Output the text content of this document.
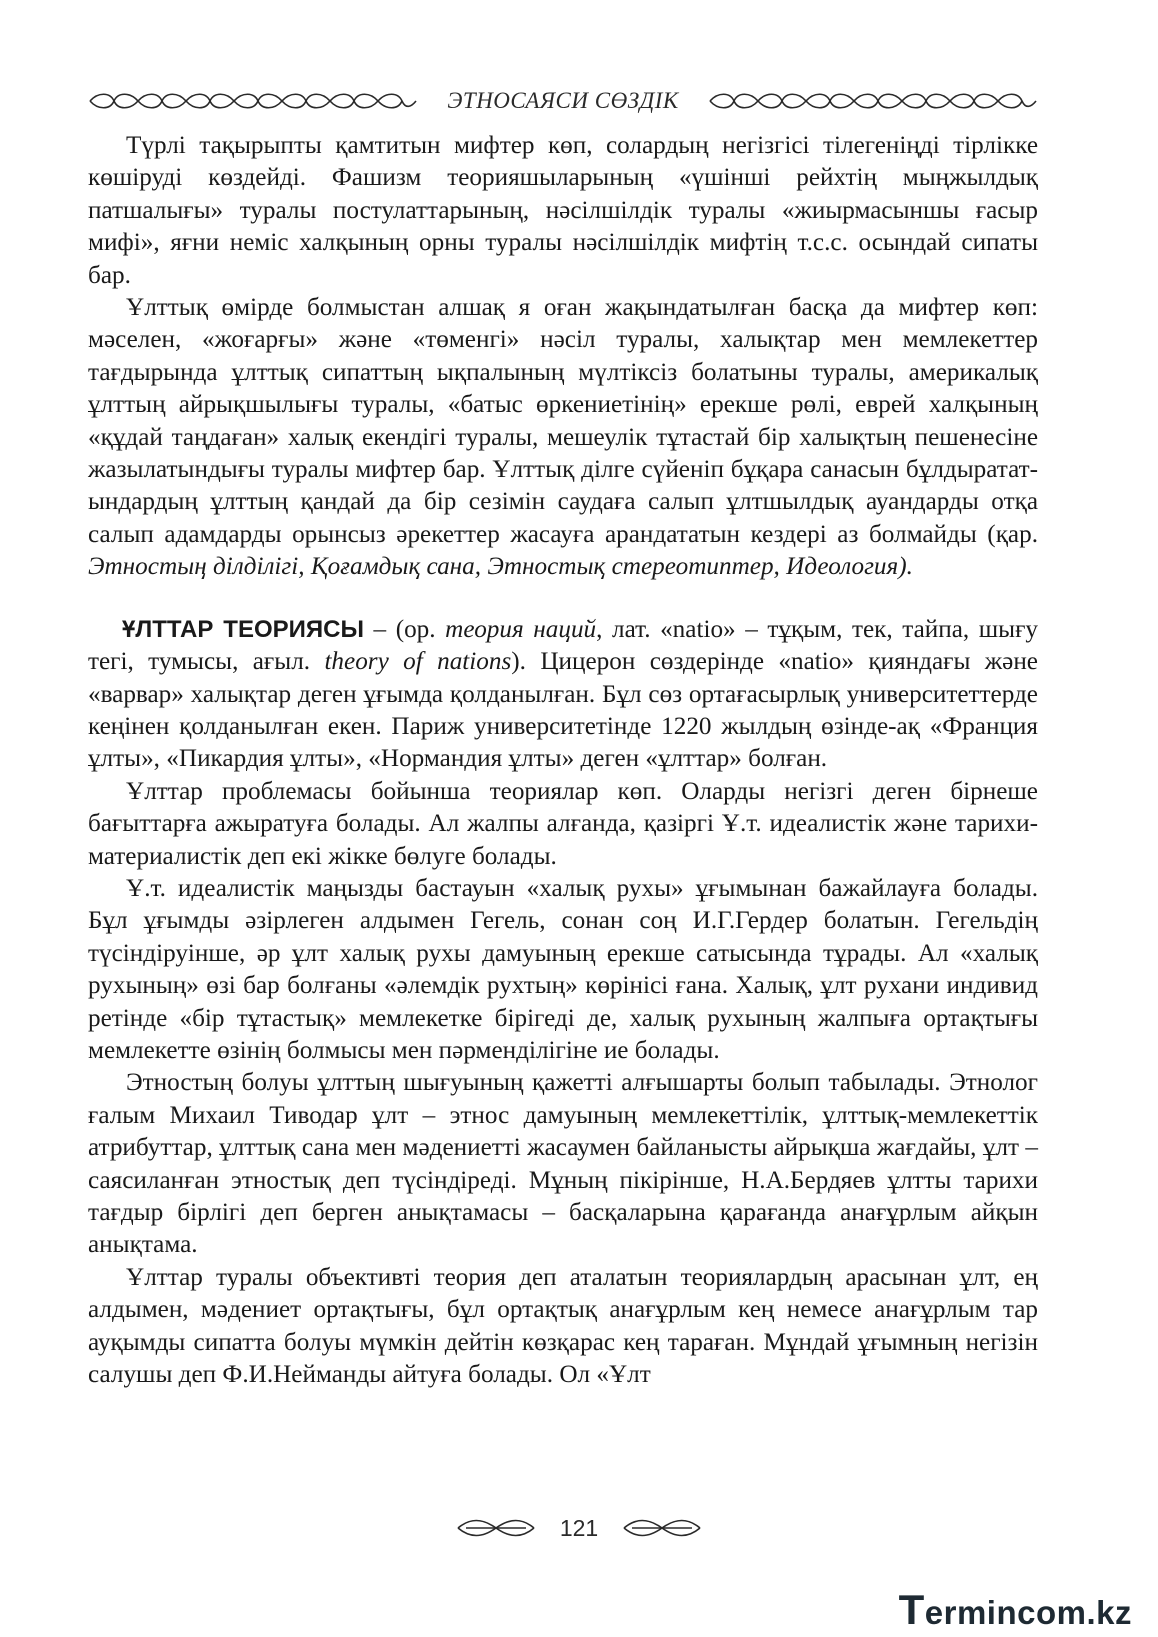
ЭТНОСАЯСИ СӨЗДІК

Түрлі тақырыпты қамтитын мифтер көп, солардың негізгісі тілегеніңді тірлікке көшіруді көздейді. Фашизм теорияшыларының «үшінші рейхтің мыңжылдық патшалығы» туралы постулаттарының, нәсілшілдік туралы «жиырмасыншы ғасыр мифі», яғни неміс халқының орны туралы нәсілшілдік мифтің т.с.с. осындай сипаты бар.

Ұлттық өмірде болмыстан алшақ я оған жақындатылған басқа да мифтер көп: мәселен, «жоғарғы» және «төменгі» нәсіл туралы, халықтар мен мемлекеттер тағдырында ұлттық сипаттың ықпалының мүлтіксіз болатыны туралы, америкалық ұлттың айрықшылығы туралы, «батыс өркениетінің» ерекше рөлі, еврей халқының «құдай таңдаған» халық екендігі туралы, мешеулік тұтастай бір халықтың пешенесіне жазылатындығы туралы мифтер бар. Ұлттық ділге сүйеніп бұқара санасын бұлдырататындардың ұлттың қандай да бір сезімін саудаға салып ұлтшылдық ауандарды отқа салып адамдарды орынсыз әрекеттер жасауға арандататын кездері аз болмайды (қар. Этностың ділділігі, Қоғамдық сана, Этностық стереотиптер, Идеология).

ҰЛТТАР ТЕОРИЯСЫ – (ор. теория наций, лат. «natio» – тұқым, тек, тайпа, шығу тегі, тумысы, ағыл. theory of nations). Цицерон сөздерінде «natio» қияндағы және «варвар» халықтар деген ұғымда қолданылған. Бұл сөз ортағасырлық университеттерде кеңінен қолданылған екен. Париж университетінде 1220 жылдың өзінде-ақ «Франция ұлты», «Пикардия ұлты», «Нормандия ұлты» деген «ұлттар» болған.

Ұлттар проблемасы бойынша теориялар көп. Оларды негізгі деген бірнеше бағыттарға ажыратуға болады. Ал жалпы алғанда, қазіргі Ұ.т. идеалистік және тарихи-материалистік деп екі жікке бөлуге болады.

Ұ.т. идеалистік маңызды бастауын «халық рухы» ұғымынан бажайлауға болады. Бұл ұғымды әзірлеген алдымен Гегель, сонан соң И.Г.Гердер болатын. Гегельдің түсіндіруінше, әр ұлт халық рухы дамуының ерекше сатысында тұрады. Ал «халық рухының» өзі бар болғаны «әлемдік рухтың» көрінісі ғана. Халық, ұлт рухани индивид ретінде «бір тұтастық» мемлекетке бірігеді де, халық рухының жалпыға ортақтығы мемлекетте өзінің болмысы мен пәрменділігіне ие болады.

Этностың болуы ұлттың шығуының қажетті алғышарты болып табылады. Этнолог ғалым Михаил Тиводар ұлт – этнос дамуының мемлекеттілік, ұлттық-мемлекеттік атрибуттар, ұлттық сана мен мәдениетті жасаумен байланысты айрықша жағдайы, ұлт – саясиланған этностық деп түсіндіреді. Мұның пікірінше, Н.А.Бердяев ұлтты тарихи тағдыр бірлігі деп берген анықтамасы – басқаларына қарағанда анағұрлым айқын анықтама.

Ұлттар туралы объективті теория деп аталатын теориялардың арасынан ұлт, ең алдымен, мәдениет ортақтығы, бұл ортақтық анағұрлым кең немесе анағұрлым тар ауқымды сипатта болуы мүмкін дейтін көзқарас кең тараған. Мұндай ұғымның негізін салушы деп Ф.И.Нейманды айтуға болады. Ол «Ұлт

121
Termincom.kz
